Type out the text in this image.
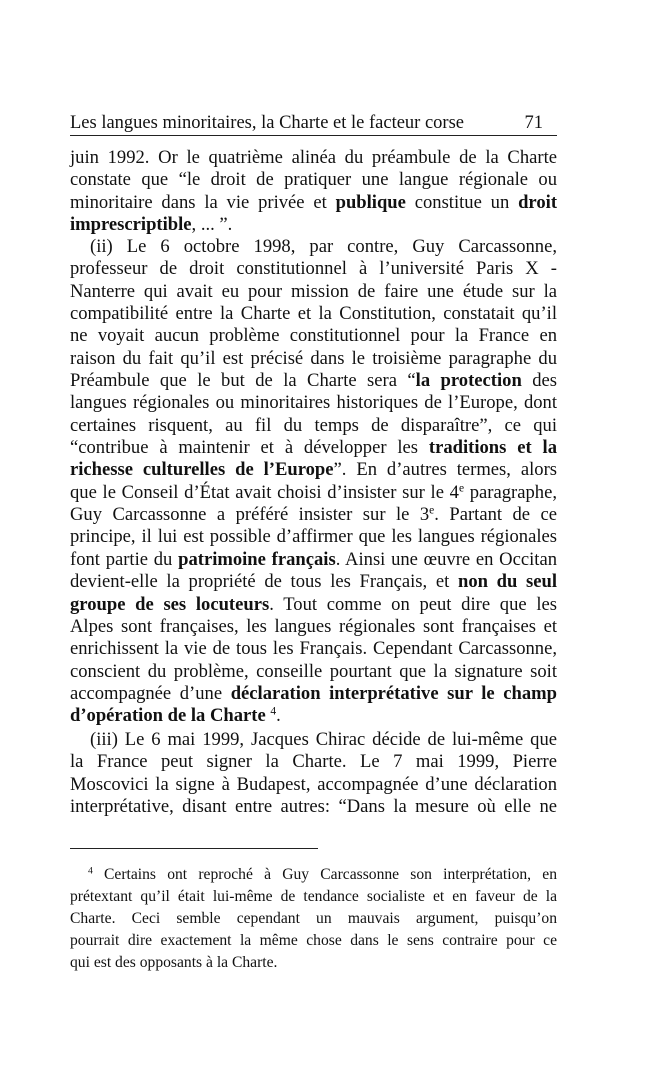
Les langues minoritaires, la Charte et le facteur corse	71
juin 1992. Or le quatrième alinéa du préambule de la Charte
constate que “le droit de pratiquer une langue régionale ou
minoritaire dans la vie privée et publique constitue un droit
imprescriptible, ... ”.
(ii) Le 6 octobre 1998, par contre, Guy Carcassonne,
professeur de droit constitutionnel à l’université Paris X -
Nanterre qui avait eu pour mission de faire une étude sur la
compatibilité entre la Charte et la Constitution, constatait qu’il
ne voyait aucun problème constitutionnel pour la France en
raison du fait qu’il est précisé dans le troisième paragraphe du
Préambule que le but de la Charte sera “la protection des
langues régionales ou minoritaires historiques de l’Europe, dont
certaines risquent, au fil du temps de disparaître”, ce qui
“contribue à maintenir et à développer les traditions et la
richesse culturelles de l’Europe”. En d’autres termes, alors
que le Conseil d’État avait choisi d’insister sur le 4e paragraphe,
Guy Carcassonne a préféré insister sur le 3e. Partant de ce
principe, il lui est possible d’affirmer que les langues régionales
font partie du patrimoine français. Ainsi une œuvre en Occitan
devient-elle la propriété de tous les Français, et non du seul
groupe de ses locuteurs. Tout comme on peut dire que les
Alpes sont françaises, les langues régionales sont françaises et
enrichissent la vie de tous les Français. Cependant Carcassonne,
conscient du problème, conseille pourtant que la signature soit
accompagnée d’une déclaration interprétative sur le champ
d’opération de la Charte $^4$.
(iii) Le 6 mai 1999, Jacques Chirac décide de lui-même que
la France peut signer la Charte. Le 7 mai 1999, Pierre
Moscovici la signe à Budapest, accompagnée d’une déclaration
interprétative, disant entre autres: “Dans la mesure où elle ne
$^4$ Certains ont reproché à Guy Carcassonne son interprétation, en
prétextant qu’il était lui-même de tendance socialiste et en faveur de la
Charte. Ceci semble cependant un mauvais argument, puisqu’on
pourrait dire exactement la même chose dans le sens contraire pour ce
qui est des opposants à la Charte.
